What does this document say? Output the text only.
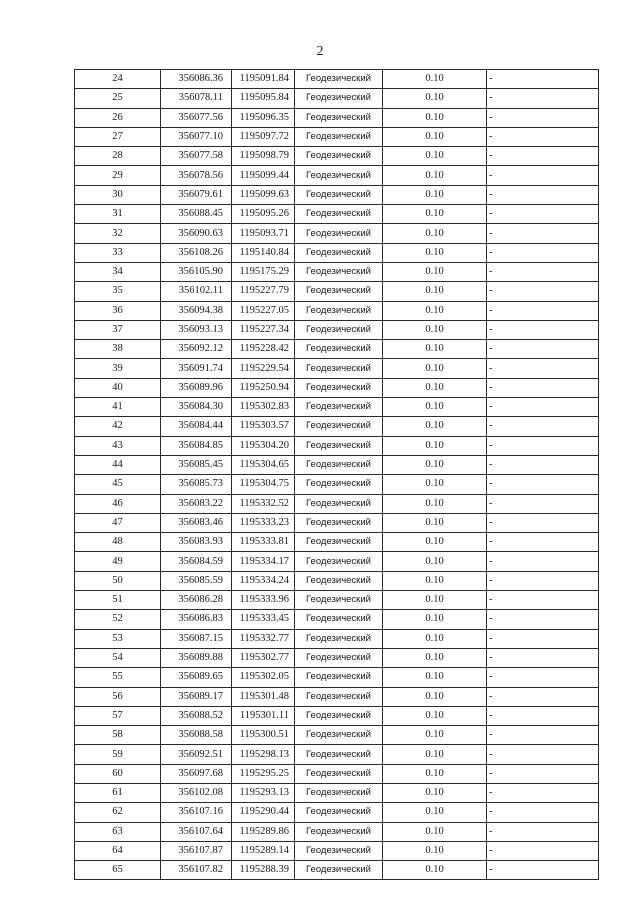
2
24	356086.36	1195091.84	Геодезический	0.10	-
25	356078.11	1195095.84	Геодезический	0.10	-
26	356077.56	1195096.35	Геодезический	0.10	-
27	356077.10	1195097.72	Геодезический	0.10	-
28	356077.58	1195098.79	Геодезический	0.10	-
29	356078.56	1195099.44	Геодезический	0.10	-
30	356079.61	1195099.63	Геодезический	0.10	-
31	356088.45	1195095.26	Геодезический	0.10	-
32	356090.63	1195093.71	Геодезический	0.10	-
33	356108.26	1195140.84	Геодезический	0.10	-
34	356105.90	1195175.29	Геодезический	0.10	-
35	356102.11	1195227.79	Геодезический	0.10	-
36	356094.38	1195227.05	Геодезический	0.10	-
37	356093.13	1195227.34	Геодезический	0.10	-
38	356092.12	1195228.42	Геодезический	0.10	-
39	356091.74	1195229.54	Геодезический	0.10	-
40	356089.96	1195250.94	Геодезический	0.10	-
41	356084.30	1195302.83	Геодезический	0.10	-
42	356084.44	1195303.57	Геодезический	0.10	-
43	356084.85	1195304.20	Геодезический	0.10	-
44	356085.45	1195304.65	Геодезический	0.10	-
45	356085.73	1195304.75	Геодезический	0.10	-
46	356083.22	1195332.52	Геодезический	0.10	-
47	356083.46	1195333.23	Геодезический	0.10	-
48	356083.93	1195333.81	Геодезический	0.10	-
49	356084.59	1195334.17	Геодезический	0.10	-
50	356085.59	1195334.24	Геодезический	0.10	-
51	356086.28	1195333.96	Геодезический	0.10	-
52	356086.83	1195333.45	Геодезический	0.10	-
53	356087.15	1195332.77	Геодезический	0.10	-
54	356089.88	1195302.77	Геодезический	0.10	-
55	356089.65	1195302.05	Геодезический	0.10	-
56	356089.17	1195301.48	Геодезический	0.10	-
57	356088.52	1195301.11	Геодезический	0.10	-
58	356088.58	1195300.51	Геодезический	0.10	-
59	356092.51	1195298.13	Геодезический	0.10	-
60	356097.68	1195295.25	Геодезический	0.10	-
61	356102.08	1195293.13	Геодезический	0.10	-
62	356107.16	1195290.44	Геодезический	0.10	-
63	356107.64	1195289.86	Геодезический	0.10	-
64	356107.87	1195289.14	Геодезический	0.10	-
65	356107.82	1195288.39	Геодезический	0.10	-
